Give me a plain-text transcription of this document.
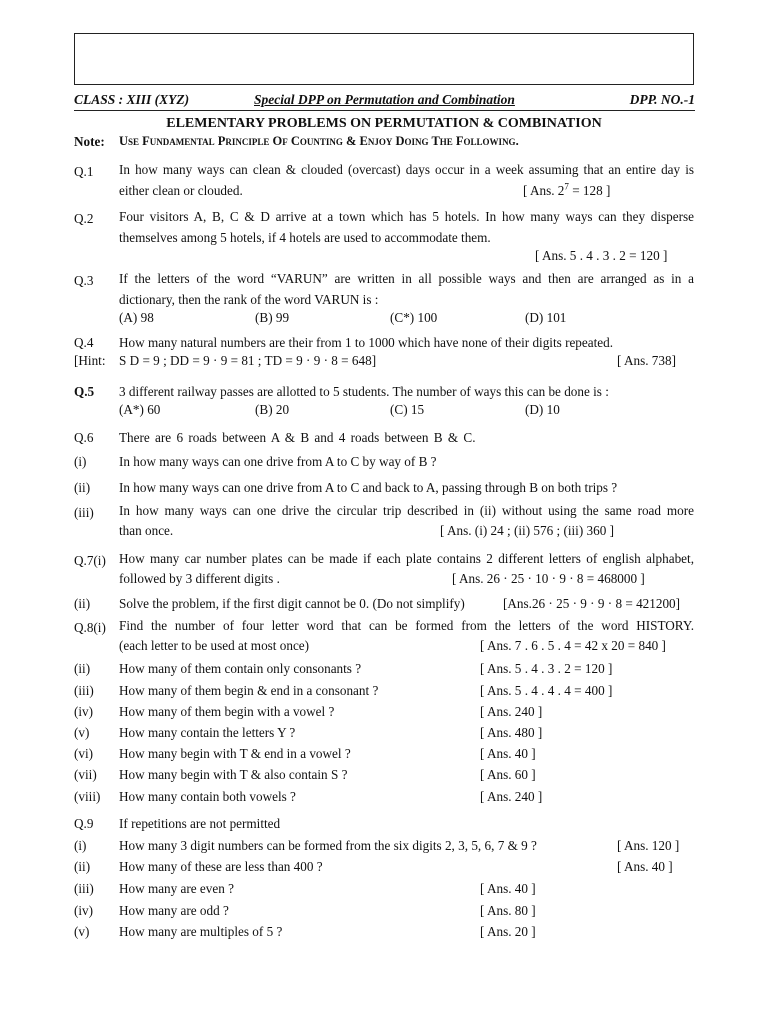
CLASS : XIII (XYZ)	Special DPP on Permutation and Combination	DPP. NO.-1
ELEMENTARY PROBLEMS ON PERMUTATION & COMBINATION
Note: Use Fundamental Principle Of Counting & Enjoy Doing The Following.
Q.1 In how many ways can clean & clouded (overcast) days occur in a week assuming that an entire day is
either clean or clouded.	[ Ans. $2^7 = 128$ ]
Q.2 Four visitors A, B, C & D arrive at a town which has 5 hotels. In how many ways can they disperse
themselves among 5 hotels, if 4 hotels are used to accommodate them.
[ Ans. 5 . 4 . 3 . 2 = 120 ]
Q.3 If the letters of the word “VARUN” are written in all possible ways and then are arranged as in a
dictionary, then the rank of the word VARUN is :
(A) 98	(B) 99	(C*) 100	(D) 101
Q.4 How many natural numbers are their from 1 to 1000 which have none of their digits repeated.
[Hint: S D = 9 ; DD = 9 · 9 = 81 ; TD = 9 · 9 · 8 = 648]	[ Ans. 738]
Q.5 3 different railway passes are allotted to 5 students. The number of ways this can be done is :
(A*) 60	(B) 20	(C) 15	(D) 10
Q.6 There are 6 roads between A & B and 4 roads between B & C.
(i) In how many ways can one drive from A to C by way of B ?
(ii) In how many ways can one drive from A to C and back to A, passing through B on both trips ?
(iii) In how many ways can one drive the circular trip described in (ii) without using the same road more
than once.	[ Ans. (i) 24 ; (ii) 576 ; (iii) 360 ]
Q.7(i) How many car number plates can be made if each plate contains 2 different letters of english alphabet,
followed by 3 different digits .	[ Ans. 26 · 25 · 10 · 9 · 8 = 468000 ]
(ii) Solve the problem, if the first digit cannot be 0. (Do not simplify)	[Ans.26 · 25 · 9 · 9 · 8 = 421200]
Q.8(i) Find the number of four letter word that can be formed from the letters of the word HISTORY.
(each letter to be used at most once)	[ Ans. 7 . 6 . 5 . 4 = 42 x 20 = 840 ]
(ii) How many of them contain only consonants ?	[ Ans. 5 . 4 . 3 . 2 = 120 ]
(iii) How many of them begin & end in a consonant ?	[ Ans. 5 . 4 . 4 . 4 = 400 ]
(iv) How many of them begin with a vowel ?	[ Ans. 240 ]
(v) How many contain the letters Y ?	[ Ans. 480 ]
(vi) How many begin with T & end in a vowel ?	[ Ans. 40 ]
(vii) How many begin with T & also contain S ?	[ Ans. 60 ]
(viii) How many contain both vowels ?	[ Ans. 240 ]
Q.9 If repetitions are not permitted
(i) How many 3 digit numbers can be formed from the six digits 2, 3, 5, 6, 7 & 9 ?	[ Ans. 120 ]
(ii) How many of these are less than 400 ?	[ Ans. 40 ]
(iii) How many are even ?	[ Ans. 40 ]
(iv) How many are odd ?	[ Ans. 80 ]
(v) How many are multiples of 5 ?	[ Ans. 20 ]
